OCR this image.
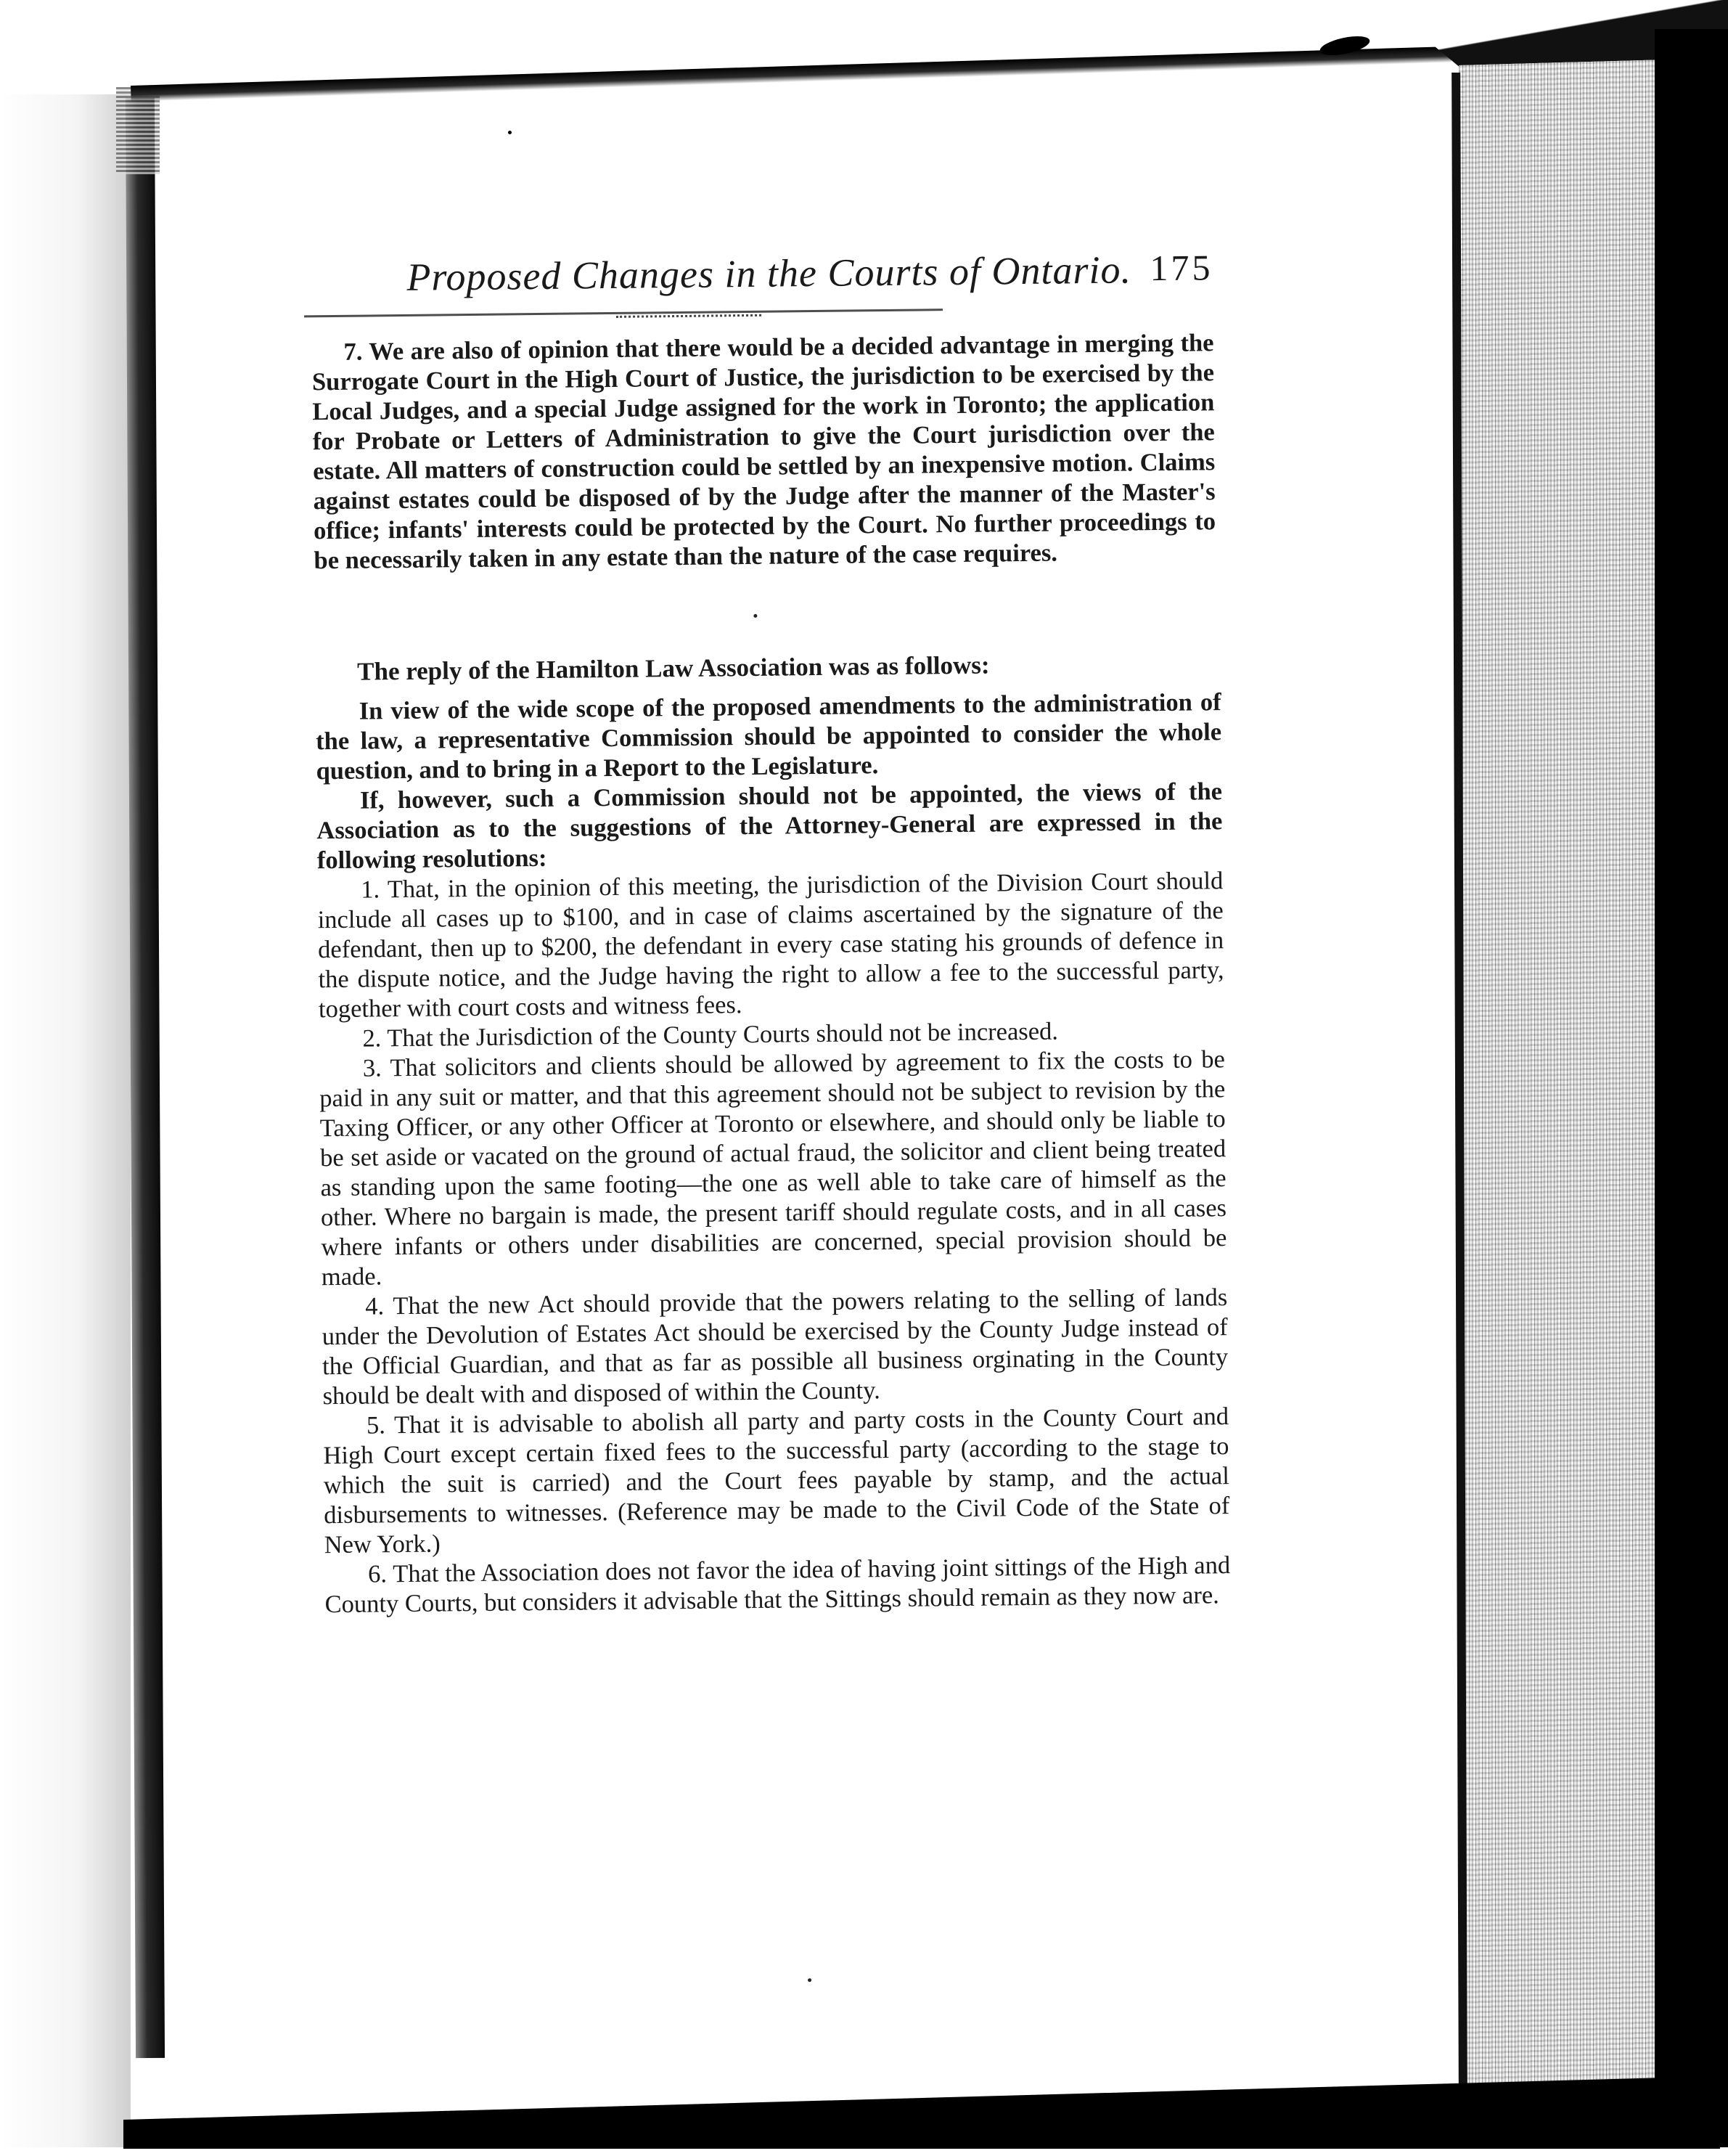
Proposed Changes in the Courts of Ontario. 175

7. We are also of opinion that there would be a decided advantage in merging the Surrogate Court in the High Court of Justice, the jurisdiction to be exercised by the Local Judges, and a special Judge assigned for the work in Toronto; the application for Probate or Letters of Administration to give the Court jurisdiction over the estate. All matters of construction could be settled by an inexpensive motion. Claims against estates could be disposed of by the Judge after the manner of the Master's office; infants' interests could be protected by the Court. No further proceedings to be necessarily taken in any estate than the nature of the case requires.

The reply of the Hamilton Law Association was as follows:

In view of the wide scope of the proposed amendments to the administration of the law, a representative Commission should be appointed to consider the whole question, and to bring in a Report to the Legislature.

If, however, such a Commission should not be appointed, the views of the Association as to the suggestions of the Attorney-General are expressed in the following resolutions:

1. That, in the opinion of this meeting, the jurisdiction of the Division Court should include all cases up to $100, and in case of claims ascertained by the signature of the defendant, then up to $200, the defendant in every case stating his grounds of defence in the dispute notice, and the Judge having the right to allow a fee to the successful party, together with court costs and witness fees.

2. That the Jurisdiction of the County Courts should not be increased.

3. That solicitors and clients should be allowed by agreement to fix the costs to be paid in any suit or matter, and that this agreement should not be subject to revision by the Taxing Officer, or any other Officer at Toronto or elsewhere, and should only be liable to be set aside or vacated on the ground of actual fraud, the solicitor and client being treated as standing upon the same footing—the one as well able to take care of himself as the other. Where no bargain is made, the present tariff should regulate costs, and in all cases where infants or others under disabilities are concerned, special provision should be made.

4. That the new Act should provide that the powers relating to the selling of lands under the Devolution of Estates Act should be exercised by the County Judge instead of the Official Guardian, and that as far as possible all business orginating in the County should be dealt with and disposed of within the County.

5. That it is advisable to abolish all party and party costs in the County Court and High Court except certain fixed fees to the successful party (according to the stage to which the suit is carried) and the Court fees payable by stamp, and the actual disbursements to witnesses. (Reference may be made to the Civil Code of the State of New York.)

6. That the Association does not favor the idea of having joint sittings of the High and County Courts, but considers it advisable that the Sittings should remain as they now are.
